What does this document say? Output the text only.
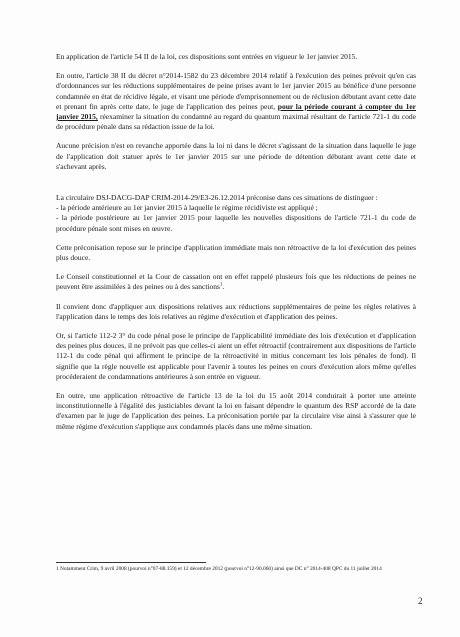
En application de l'article 54 II de la loi, ces dispositions sont entrées en vigueur le 1er janvier 2015.

En outre, l'article 38 II du décret n°2014-1582 du 23 décembre 2014 relatif à l'exécution des peines prévoit qu'en cas d'ordonnances sur les réductions supplémentaires de peine prises avant le 1er janvier 2015 au bénéfice d'une personne condamnée en état de récidive légale, et visant une période d'emprisonnement ou de réclusion débutant avant cette date et prenant fin après cette date, le juge de l'application des peines peut, pour la période courant à compter du 1er janvier 2015, réexaminer la situation du condamné au regard du quantum maximal résultant de l'article 721-1 du code de procédure pénale dans sa rédaction issue de la loi.

Aucune précision n'est en revanche apportée dans la loi ni dans le décret s'agissant de la situation dans laquelle le juge de l'application doit statuer après le 1er janvier 2015 sur une période de détention débutant avant cette date et s'achevant après.

La circulaire DSJ-DACG-DAP CRIM-2014-29/E3-26.12.2014 préconise dans ces situations de distinguer :

- la période antérieure au 1er janvier 2015 à laquelle le régime récidiviste est appliqué ;

- la période postérieure au 1er janvier 2015 pour laquelle les nouvelles dispositions de l'article 721-1 du code de procédure pénale sont mises en œuvre.

Cette préconisation repose sur le principe d'application immédiate mais non rétroactive de la loi d'exécution des peines plus douce.

Le Conseil constitutionnel et la Cour de cassation ont en effet rappelé plusieurs fois que les réductions de peines ne peuvent être assimilées à des peines ou à des sanctions$^1$.

Il convient donc d'appliquer aux dispositions relatives aux réductions supplémentaires de peine les règles relatives à l'application dans le temps des lois relatives au régime d'exécution et d'application des peines.

Or, si l'article 112-2 3° du code pénal pose le principe de l'applicabilité immédiate des lois d'exécution et d'application des peines plus douces, il ne prévoit pas que celles-ci aient un effet rétroactif (contrairement aux dispositions de l'article 112-1 du code pénal qui affirment le principe de la rétroactivité in mitius concernant les lois pénales de fond). Il signifie que la règle nouvelle est applicable pour l'avenir à toutes les peines en cours d'exécution alors même qu'elles procéderaient de condamnations antérieures à son entrée en vigueur.

En outre, une application rétroactive de l'article 13 de la loi du 15 août 2014 conduirait à porter une atteinte inconstitutionnelle à l'égalité des justiciables devant la loi en faisant dépendre le quantum des RSP accordé de la date d'examen par le juge de l'application des peines. La préconisation portée par la circulaire vise ainsi à s'assurer que le même régime d'exécution s'applique aux condamnés placés dans une même situation.

1 Notamment Crim, 9 avril 2008 (pourvoi n°07-88.159) et 12 décembre 2012 (pourvoi n°12-90.060) ainsi que DC n° 2014-408 QPC du 11 juillet 2014
2
